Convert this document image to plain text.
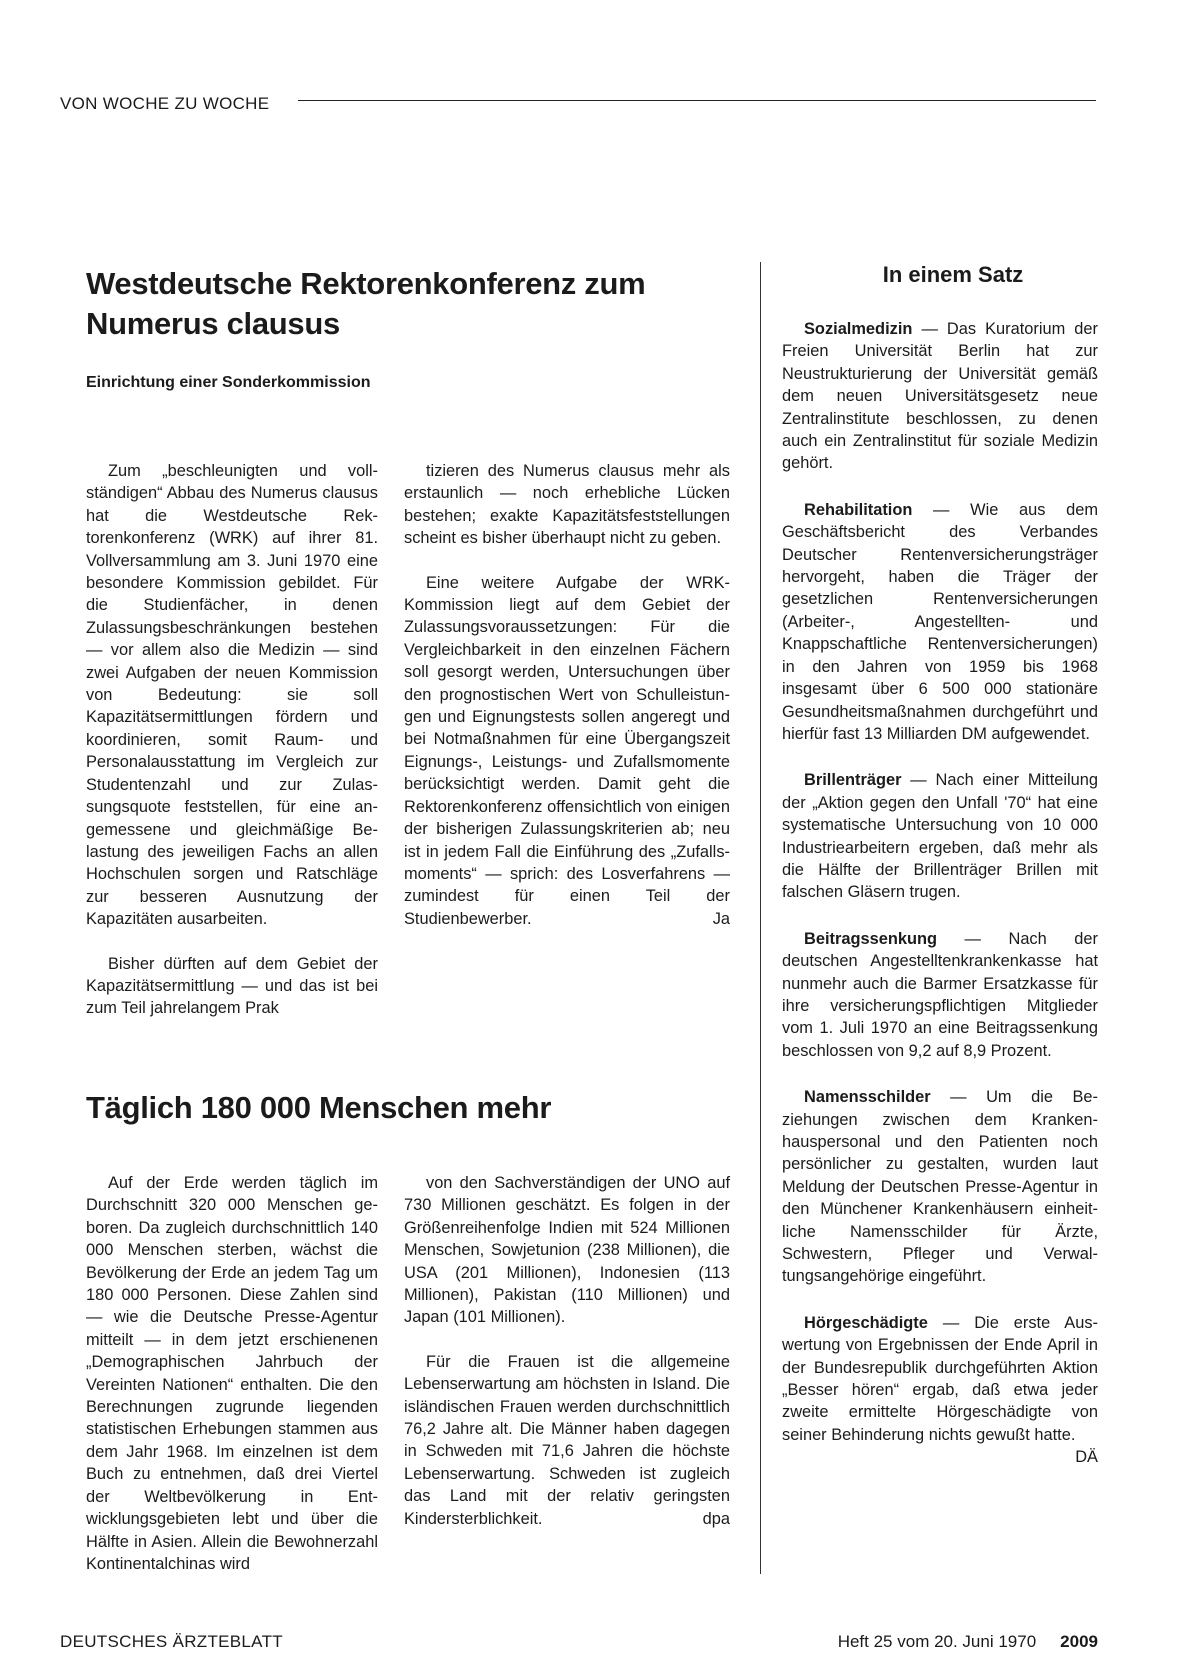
VON WOCHE ZU WOCHE
Westdeutsche Rektorenkonferenz zum Numerus clausus
Einrichtung einer Sonderkommission

Zum „beschleunigten und vollständigen“ Abbau des Numerus clausus hat die Westdeutsche Rektorenkonferenz (WRK) auf ihrer 81. Vollversammlung am 3. Juni 1970 eine besondere Kommission gebildet. Für die Studienfächer, in denen Zulassungsbeschränkungen bestehen — vor allem also die Medizin — sind zwei Aufgaben der neuen Kommission von Bedeutung: sie soll Kapazitätsermittlungen fördern und koordinieren, somit Raum- und Personalausstattung im Vergleich zur Studentenzahl und zur Zulassungsquote feststellen, für eine angemessene und gleichmäßige Belastung des jeweiligen Fachs an allen Hochschulen sorgen und Ratschläge zur besseren Ausnutzung der Kapazitäten ausarbeiten.

Bisher dürften auf dem Gebiet der Kapazitätsermittlung — und das ist bei zum Teil jahrelangem Prak

tizieren des Numerus clausus mehr als erstaunlich — noch erhebliche Lücken bestehen; exakte Kapazitätsfeststellungen scheint es bisher überhaupt nicht zu geben.

Eine weitere Aufgabe der WRK-Kommission liegt auf dem Gebiet der Zulassungsvoraussetzungen: Für die Vergleichbarkeit in den einzelnen Fächern soll gesorgt werden, Untersuchungen über den prognostischen Wert von Schulleistungen und Eignungstests sollen angeregt und bei Notmaßnahmen für eine Übergangszeit Eignungs-, Leistungs- und Zufallsmomente berücksichtigt werden. Damit geht die Rektorenkonferenz offensichtlich von einigen der bisherigen Zulassungskriterien ab; neu ist in jedem Fall die Einführung des „Zufallsmoments“ — sprich: des Losverfahrens — zumindest für einen Teil der Studienbewerber.	Ja

Täglich 180 000 Menschen mehr

Auf der Erde werden täglich im Durchschnitt 320 000 Menschen geboren. Da zugleich durchschnittlich 140 000 Menschen sterben, wächst die Bevölkerung der Erde an jedem Tag um 180 000 Personen. Diese Zahlen sind — wie die Deutsche Presse-Agentur mitteilt — in dem jetzt erschienenen „Demographischen Jahrbuch der Vereinten Nationen“ enthalten. Die den Berechnungen zugrunde liegenden statistischen Erhebungen stammen aus dem Jahr 1968. Im einzelnen ist dem Buch zu entnehmen, daß drei Viertel der Weltbevölkerung in Entwicklungsgebieten lebt und über die Hälfte in Asien. Allein die Bewohnerzahl Kontinentalchinas wird

von den Sachverständigen der UNO auf 730 Millionen geschätzt. Es folgen in der Größenreihenfolge Indien mit 524 Millionen Menschen, Sowjetunion (238 Millionen), die USA (201 Millionen), Indonesien (113 Millionen), Pakistan (110 Millionen) und Japan (101 Millionen).

Für die Frauen ist die allgemeine Lebenserwartung am höchsten in Island. Die isländischen Frauen werden durchschnittlich 76,2 Jahre alt. Die Männer haben dagegen in Schweden mit 71,6 Jahren die höchste Lebenserwartung. Schweden ist zugleich das Land mit der relativ geringsten Kindersterblichkeit.	dpa

In einem Satz

Sozialmedizin — Das Kuratorium der Freien Universität Berlin hat zur Neustrukturierung der Universität gemäß dem neuen Universitätsgesetz neue Zentralinstitute beschlossen, zu denen auch ein Zentralinstitut für soziale Medizin gehört.

Rehabilitation — Wie aus dem Geschäftsbericht des Verbandes Deutscher Rentenversicherungsträger hervorgeht, haben die Träger der gesetzlichen Rentenversicherungen (Arbeiter-, Angestellten- und Knappschaftliche Rentenversicherungen) in den Jahren von 1959 bis 1968 insgesamt über 6 500 000 stationäre Gesundheitsmaßnahmen durchgeführt und hierfür fast 13 Milliarden DM aufgewendet.

Brillenträger — Nach einer Mitteilung der „Aktion gegen den Unfall '70“ hat eine systematische Untersuchung von 10 000 Industriearbeitern ergeben, daß mehr als die Hälfte der Brillenträger Brillen mit falschen Gläsern trugen.

Beitragssenkung — Nach der deutschen Angestelltenkrankenkasse hat nunmehr auch die Barmer Ersatzkasse für ihre versicherungspflichtigen Mitglieder vom 1. Juli 1970 an eine Beitragssenkung beschlossen von 9,2 auf 8,9 Prozent.

Namensschilder — Um die Beziehungen zwischen dem Krankenhauspersonal und den Patienten noch persönlicher zu gestalten, wurden laut Meldung der Deutschen Presse-Agentur in den Münchener Krankenhäusern einheitliche Namensschilder für Ärzte, Schwestern, Pfleger und Verwaltungsangehörige eingeführt.

Hörgeschädigte — Die erste Auswertung von Ergebnissen der Ende April in der Bundesrepublik durchgeführten Aktion „Besser hören“ ergab, daß etwa jeder zweite ermittelte Hörgeschädigte von seiner Behinderung nichts gewußt hatte.
DÄ

DEUTSCHES ÄRZTEBLATT	Heft 25 vom 20. Juni 1970 2009
